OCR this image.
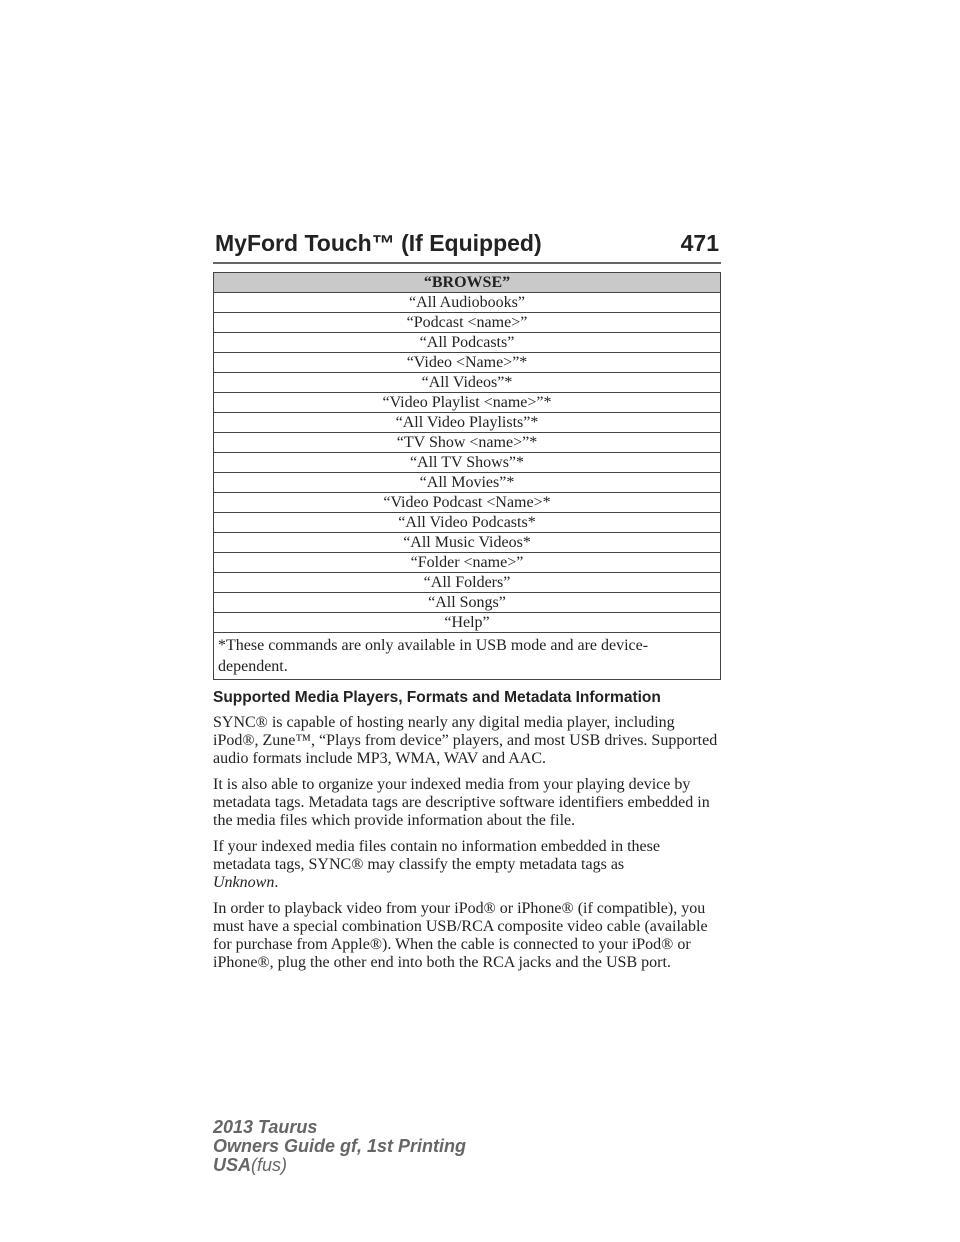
MyFord Touch™ (If Equipped)	471
“BROWSE”
“All Audiobooks”
“Podcast <name>”
“All Podcasts”
“Video <Name>”*
“All Videos”*
“Video Playlist <name>”*
“All Video Playlists”*
“TV Show <name>”*
“All TV Shows”*
“All Movies”*
“Video Podcast <Name>*
“All Video Podcasts*
“All Music Videos*
“Folder <name>”
“All Folders”
“All Songs”
“Help”
*These commands are only available in USB mode and are device-dependent.
Supported Media Players, Formats and Metadata Information

SYNC® is capable of hosting nearly any digital media player, including iPod®, Zune™, “Plays from device” players, and most USB drives. Supported audio formats include MP3, WMA, WAV and AAC.

It is also able to organize your indexed media from your playing device by metadata tags. Metadata tags are descriptive software identifiers embedded in the media files which provide information about the file.

If your indexed media files contain no information embedded in these metadata tags, SYNC® may classify the empty metadata tags as
Unknown.

In order to playback video from your iPod® or iPhone® (if compatible), you must have a special combination USB/RCA composite video cable (available for purchase from Apple®). When the cable is connected to your iPod® or iPhone®, plug the other end into both the RCA jacks and the USB port.

2013 Taurus
Owners Guide gf, 1st Printing
USA(fus)
